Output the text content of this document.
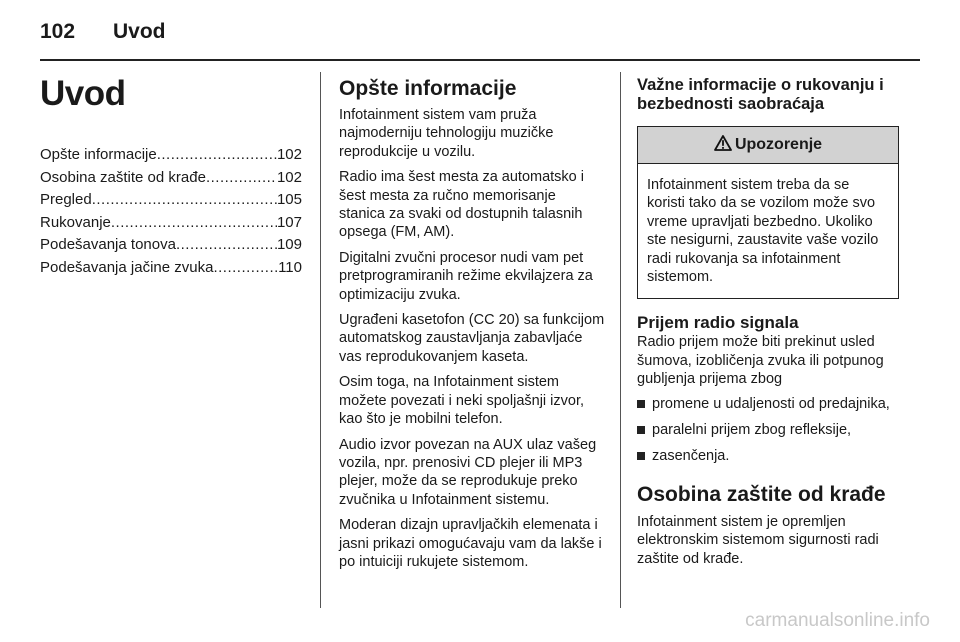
102 Uvod
Uvod
Opšte informacije .....	102
Osobina zaštite od krađe .....	102
Pregled .....	105
Rukovanje .....	107
Podešavanja tonova .....	109
Podešavanja jačine zvuka .....	110
Opšte informacije

Infotainment sistem vam pruža najmoderniju tehnologiju muzičke reprodukcije u vozilu.

Radio ima šest mesta za automatsko i šest mesta za ručno memorisanje stanica za svaki od dostupnih talasnih opsega (FM, AM).

Digitalni zvučni procesor nudi vam pet pretprogramiranih režime ekvilajzera za optimizaciju zvuka.

Ugrađeni kasetofon (CC 20) sa funkcijom automatskog zaustavljanja zabavljaće vas reprodukovanjem kaseta.

Osim toga, na Infotainment sistem možete povezati i neki spoljašnji izvor, kao što je mobilni telefon.

Audio izvor povezan na AUX ulaz vašeg vozila, npr. prenosivi CD plejer ili MP3 plejer, može da se reprodukuje preko zvučnika u Infotainment sistemu.

Moderan dizajn upravljačkih elemenata i jasni prikazi omogućavaju vam da lakše i po intuiciji rukujete sistemom.

Važne informacije o rukovanju i bezbednosti saobraćaja
Upozorenje
Infotainment sistem treba da se koristi tako da se vozilom može svo vreme upravljati bezbedno. Ukoliko ste nesigurni, zaustavite vaše vozilo radi rukovanja sa infotainment sistemom.
Prijem radio signala

Radio prijem može biti prekinut usled šumova, izobličenja zvuka ili potpunog gubljenja prijema zbog

promene u udaljenosti od predajnika,
paralelni prijem zbog refleksije,
zasenčenja.
Osobina zaštite od krađe

Infotainment sistem je opremljen elektronskim sistemom sigurnosti radi zaštite od krađe.

carmanualsonline.info
